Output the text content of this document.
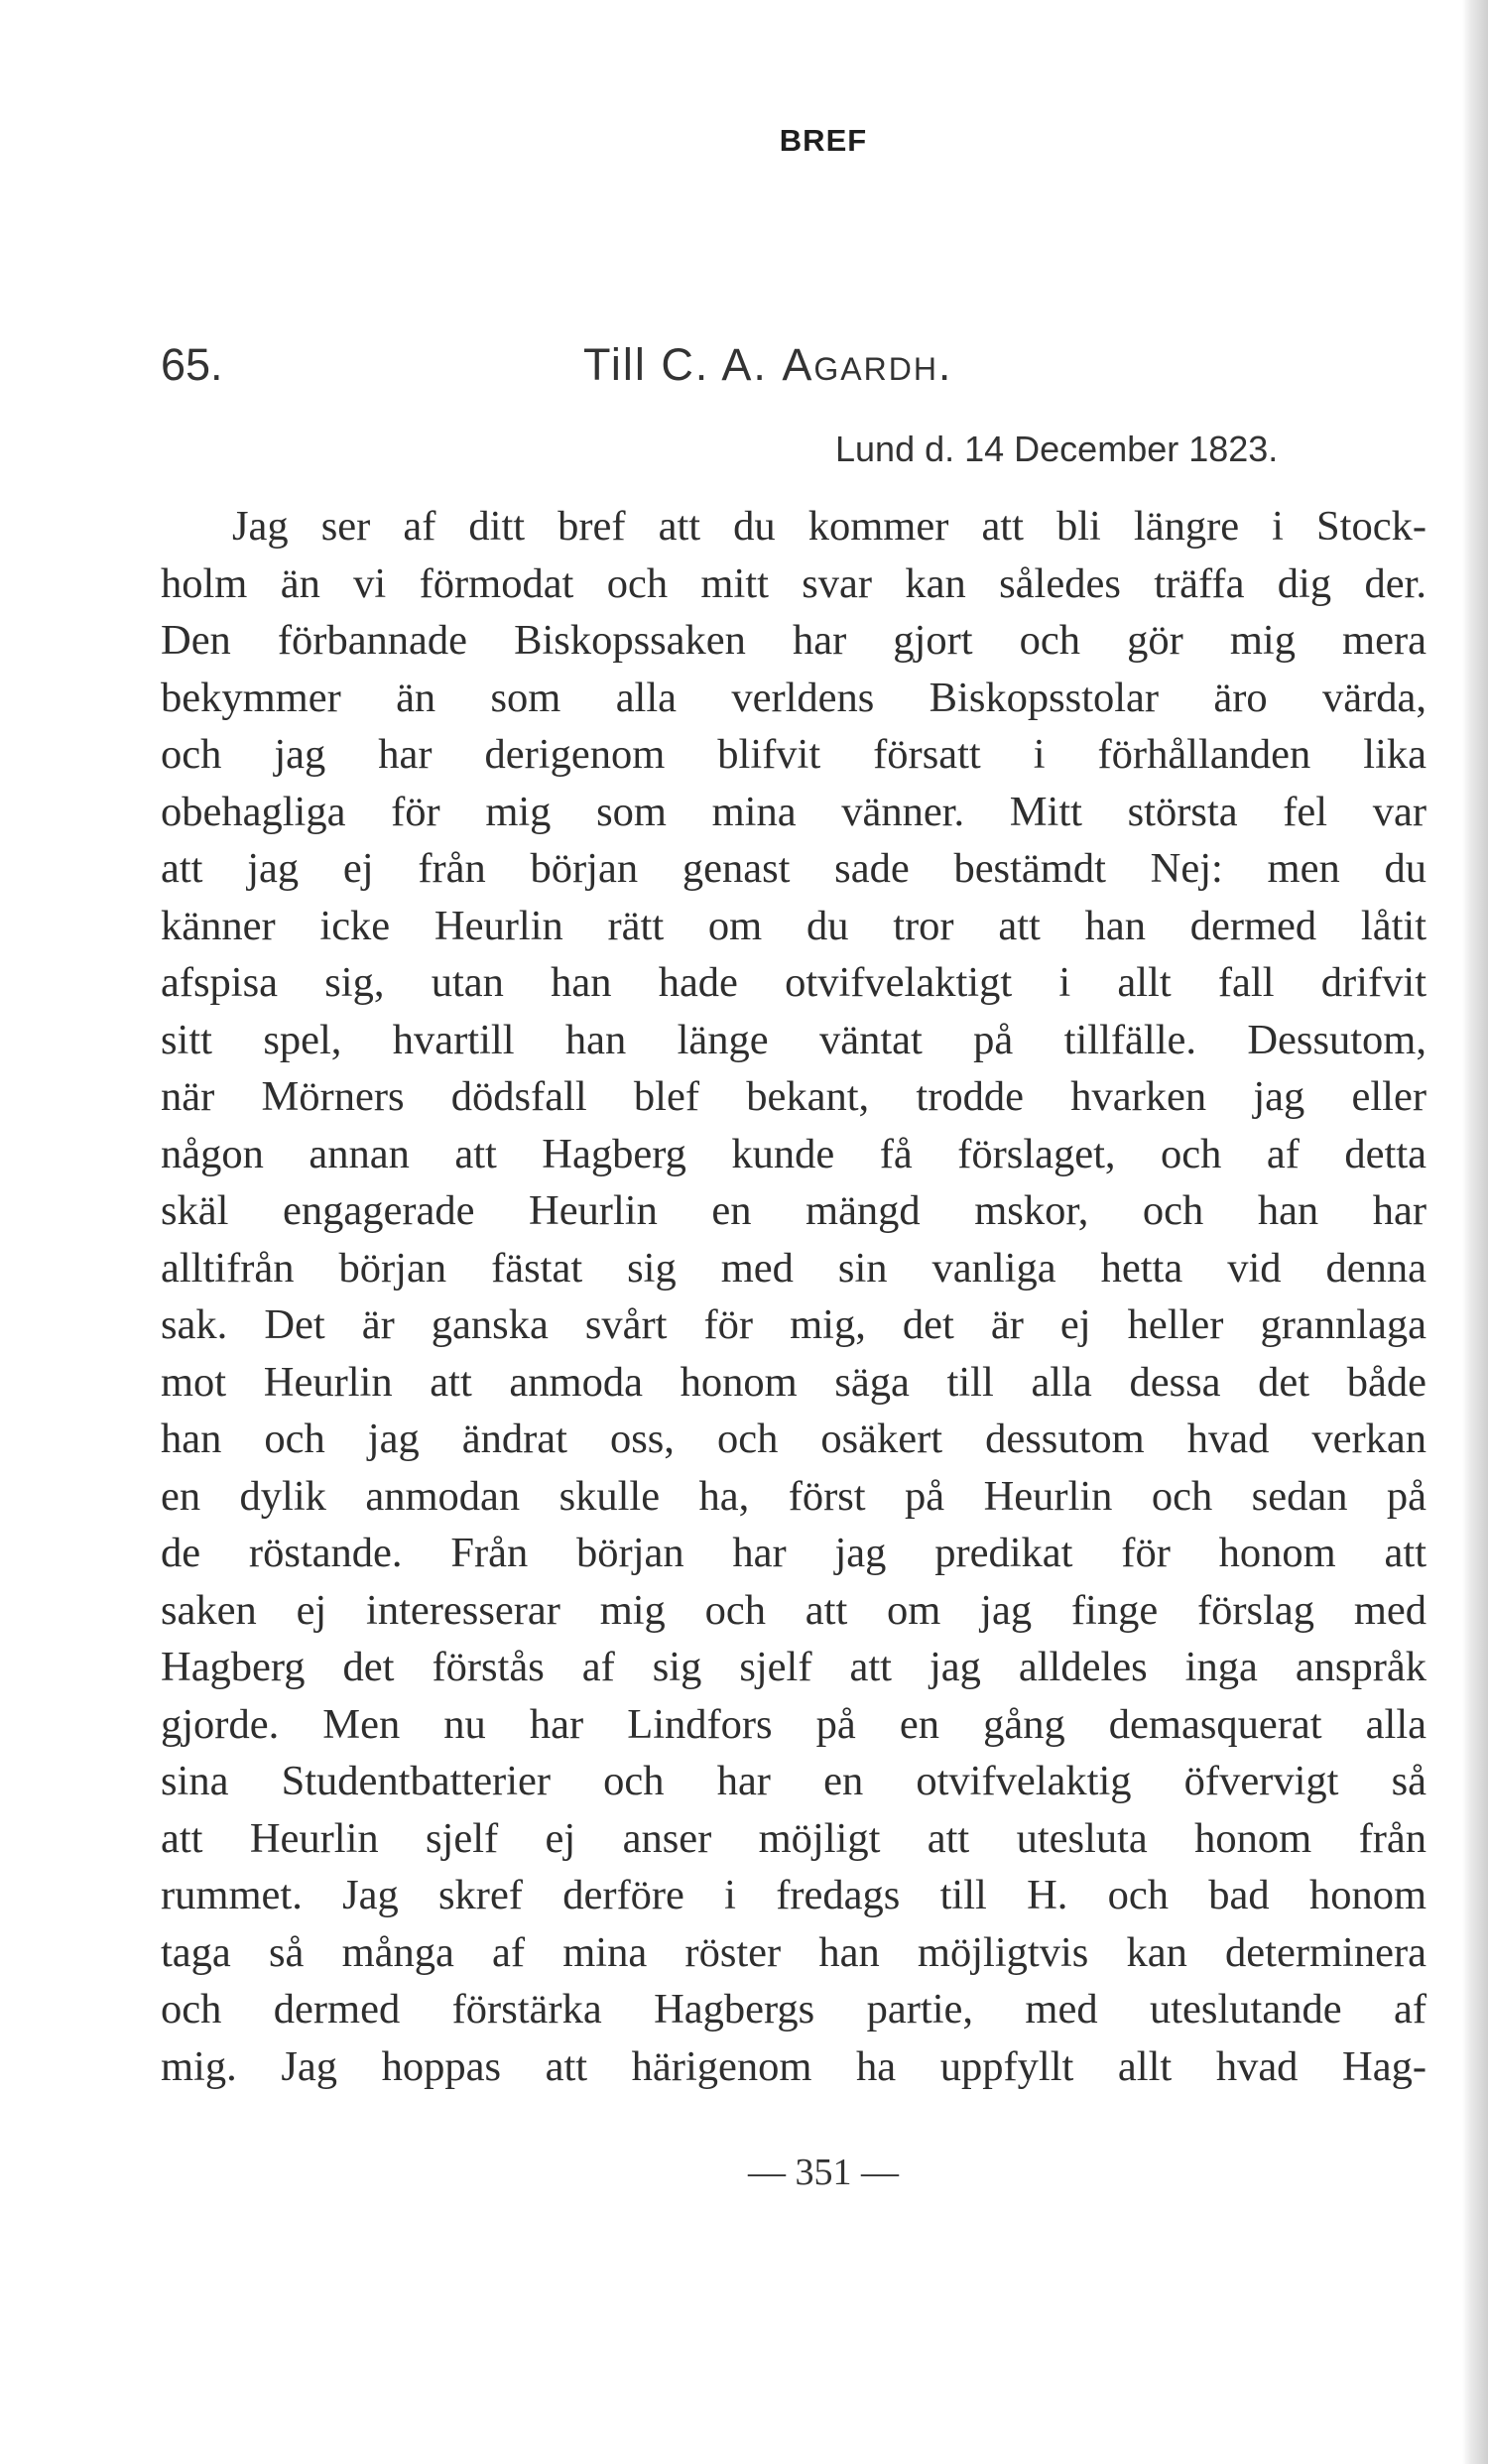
BREF
65.	Till C. A. Agardh.
Lund d. 14 December 1823.
Jag ser af ditt bref att du kommer att bli längre i Stock-
holm än vi förmodat och mitt svar kan således träffa dig der.
Den förbannade Biskopssaken har gjort och gör mig mera
bekymmer än som alla verldens Biskopsstolar äro värda,
och jag har derigenom blifvit försatt i förhållanden lika
obehagliga för mig som mina vänner. Mitt största fel var
att jag ej från början genast sade bestämdt Nej: men du
känner icke Heurlin rätt om du tror att han dermed låtit
afspisa sig, utan han hade otvifvelaktigt i allt fall drifvit
sitt spel, hvartill han länge väntat på tillfälle. Dessutom,
när Mörners dödsfall blef bekant, trodde hvarken jag eller
någon annan att Hagberg kunde få förslaget, och af detta
skäl engagerade Heurlin en mängd mskor, och han har
alltifrån början fästat sig med sin vanliga hetta vid denna
sak. Det är ganska svårt för mig, det är ej heller grannlaga
mot Heurlin att anmoda honom säga till alla dessa det både
han och jag ändrat oss, och osäkert dessutom hvad verkan
en dylik anmodan skulle ha, först på Heurlin och sedan på
de röstande. Från början har jag predikat för honom att
saken ej interesserar mig och att om jag finge förslag med
Hagberg det förstås af sig sjelf att jag alldeles inga anspråk
gjorde. Men nu har Lindfors på en gång demasquerat alla
sina Studentbatterier och har en otvifvelaktig öfvervigt så
att Heurlin sjelf ej anser möjligt att utesluta honom från
rummet. Jag skref derföre i fredags till H. och bad honom
taga så många af mina röster han möjligtvis kan determinera
och dermed förstärka Hagbergs partie, med uteslutande af
mig. Jag hoppas att härigenom ha uppfyllt allt hvad Hag-
— 351 —
